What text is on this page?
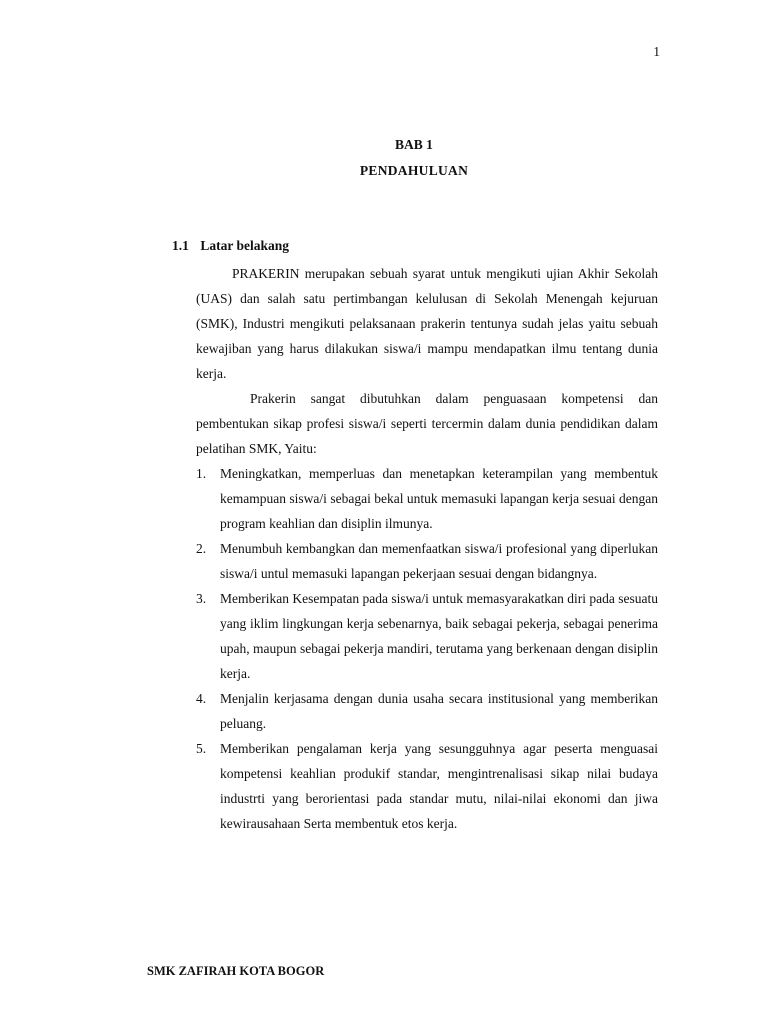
1
BAB 1
PENDAHULUAN
1.1 Latar belakang

PRAKERIN merupakan sebuah syarat untuk mengikuti ujian Akhir Sekolah (UAS) dan salah satu pertimbangan kelulusan di Sekolah Menengah kejuruan (SMK), Industri mengikuti pelaksanaan prakerin tentunya sudah jelas yaitu sebuah kewajiban yang harus dilakukan siswa/i mampu mendapatkan ilmu tentang dunia kerja.

Prakerin sangat dibutuhkan dalam penguasaan kompetensi dan pembentukan sikap profesi siswa/i seperti tercermin dalam dunia pendidikan dalam pelatihan SMK, Yaitu:

1. Meningkatkan, memperluas dan menetapkan keterampilan yang membentuk kemampuan siswa/i sebagai bekal untuk memasuki lapangan kerja sesuai dengan program keahlian dan disiplin ilmunya.
2. Menumbuh kembangkan dan memenfaatkan siswa/i profesional yang diperlukan siswa/i untul memasuki lapangan pekerjaan sesuai dengan bidangnya.
3. Memberikan Kesempatan pada siswa/i untuk memasyarakatkan diri pada sesuatu yang iklim lingkungan kerja sebenarnya, baik sebagai pekerja, sebagai penerima upah, maupun sebagai pekerja mandiri, terutama yang berkenaan dengan disiplin kerja.
4. Menjalin kerjasama dengan dunia usaha secara institusional yang memberikan peluang.
5. Memberikan pengalaman kerja yang sesungguhnya agar peserta menguasai kompetensi keahlian produkif standar, mengintrenalisasi sikap nilai budaya industrti yang berorientasi pada standar mutu, nilai-nilai ekonomi dan jiwa kewirausahaan Serta membentuk etos kerja.
SMK ZAFIRAH KOTA BOGOR
